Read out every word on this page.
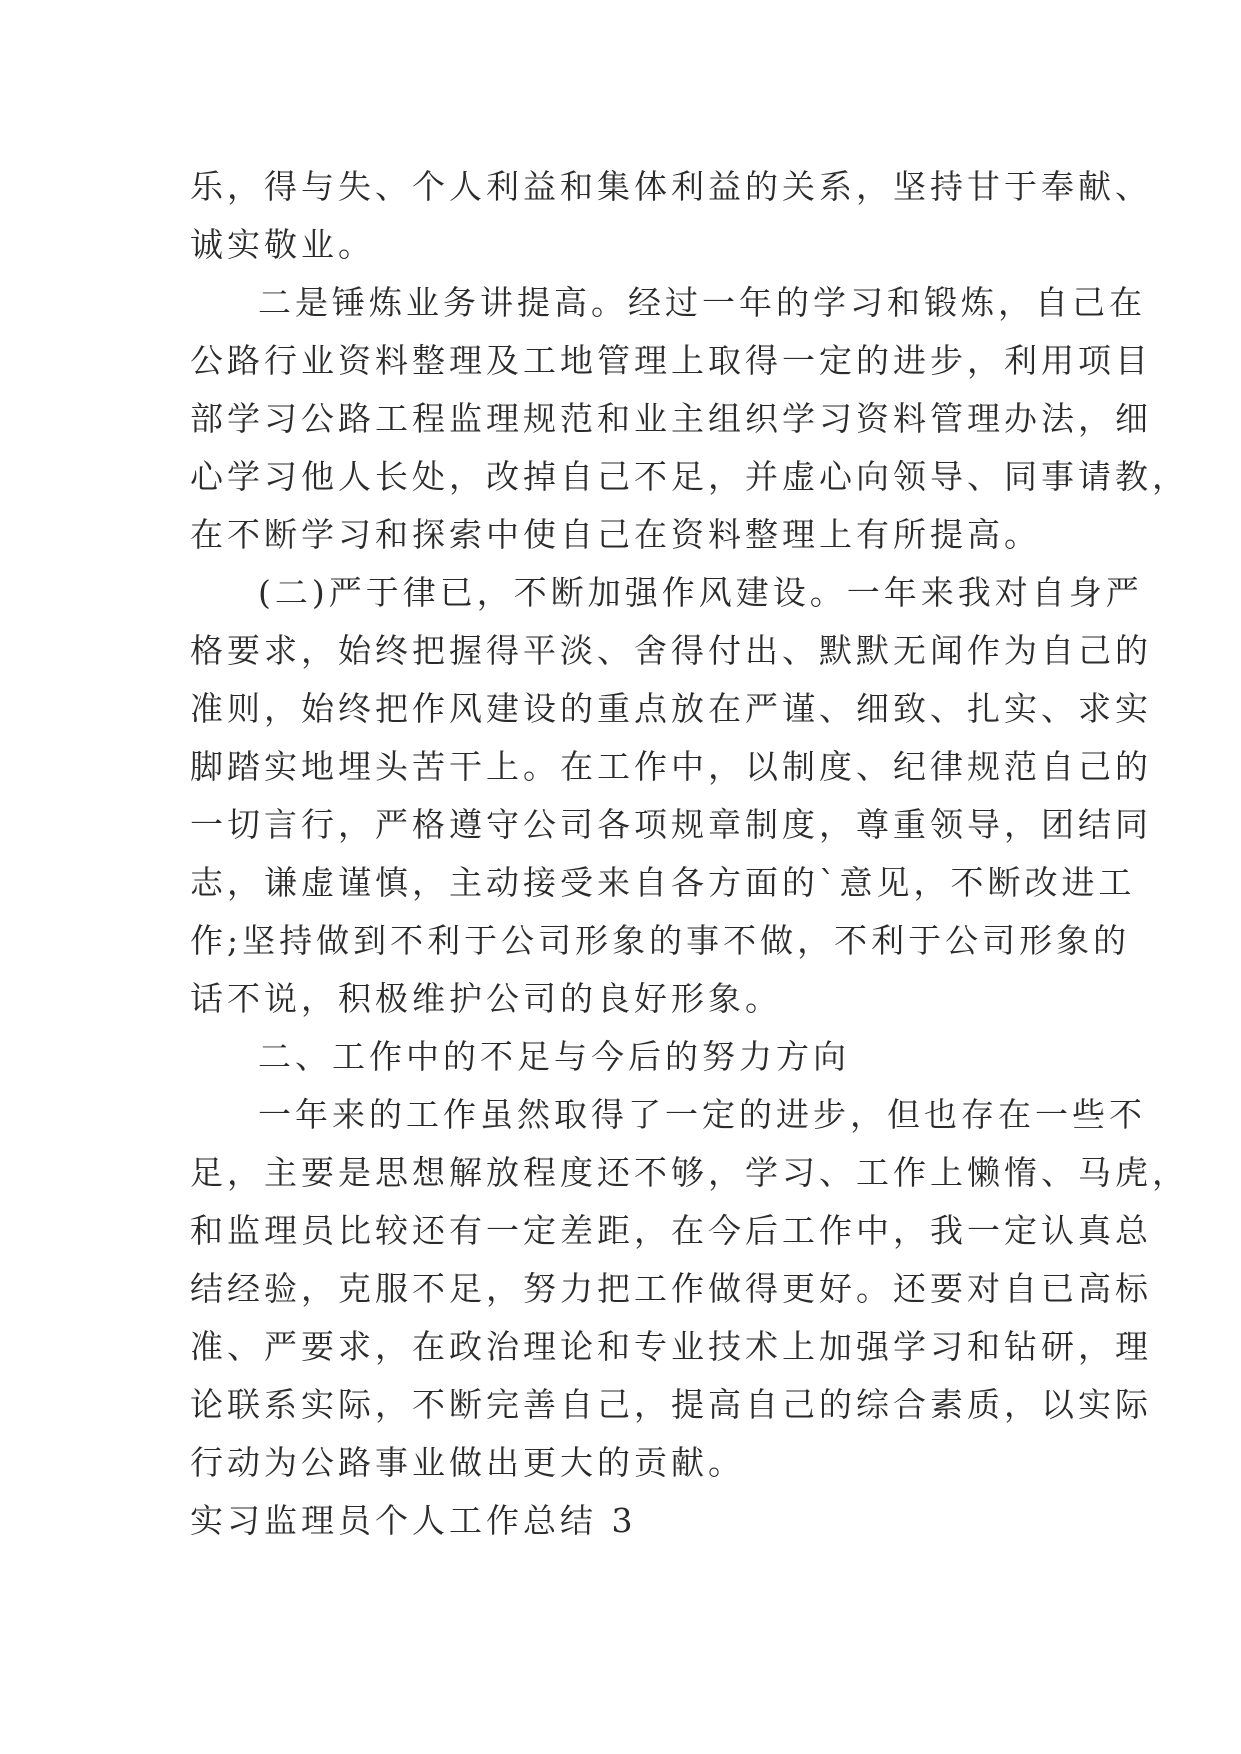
乐，得与失、个人利益和集体利益的关系，坚持甘于奉献、

诚实敬业。

二是锤炼业务讲提高。经过一年的学习和锻炼，自己在

公路行业资料整理及工地管理上取得一定的进步，利用项目

部学习公路工程监理规范和业主组织学习资料管理办法，细

心学习他人长处，改掉自己不足，并虚心向领导、同事请教，

在不断学习和探索中使自己在资料整理上有所提高。

(二)严于律已，不断加强作风建设。一年来我对自身严

格要求，始终把握得平淡、舍得付出、默默无闻作为自己的

准则，始终把作风建设的重点放在严谨、细致、扎实、求实

脚踏实地埋头苦干上。在工作中，以制度、纪律规范自己的

一切言行，严格遵守公司各项规章制度，尊重领导，团结同

志，谦虚谨慎，主动接受来自各方面的`意见，不断改进工

作;坚持做到不利于公司形象的事不做，不利于公司形象的

话不说，积极维护公司的良好形象。

二、工作中的不足与今后的努力方向

一年来的工作虽然取得了一定的进步，但也存在一些不

足，主要是思想解放程度还不够，学习、工作上懒惰、马虎，

和监理员比较还有一定差距，在今后工作中，我一定认真总

结经验，克服不足，努力把工作做得更好。还要对自已高标

准、严要求，在政治理论和专业技术上加强学习和钻研，理

论联系实际，不断完善自己，提高自己的综合素质，以实际

行动为公路事业做出更大的贡献。

实习监理员个人工作总结 3
